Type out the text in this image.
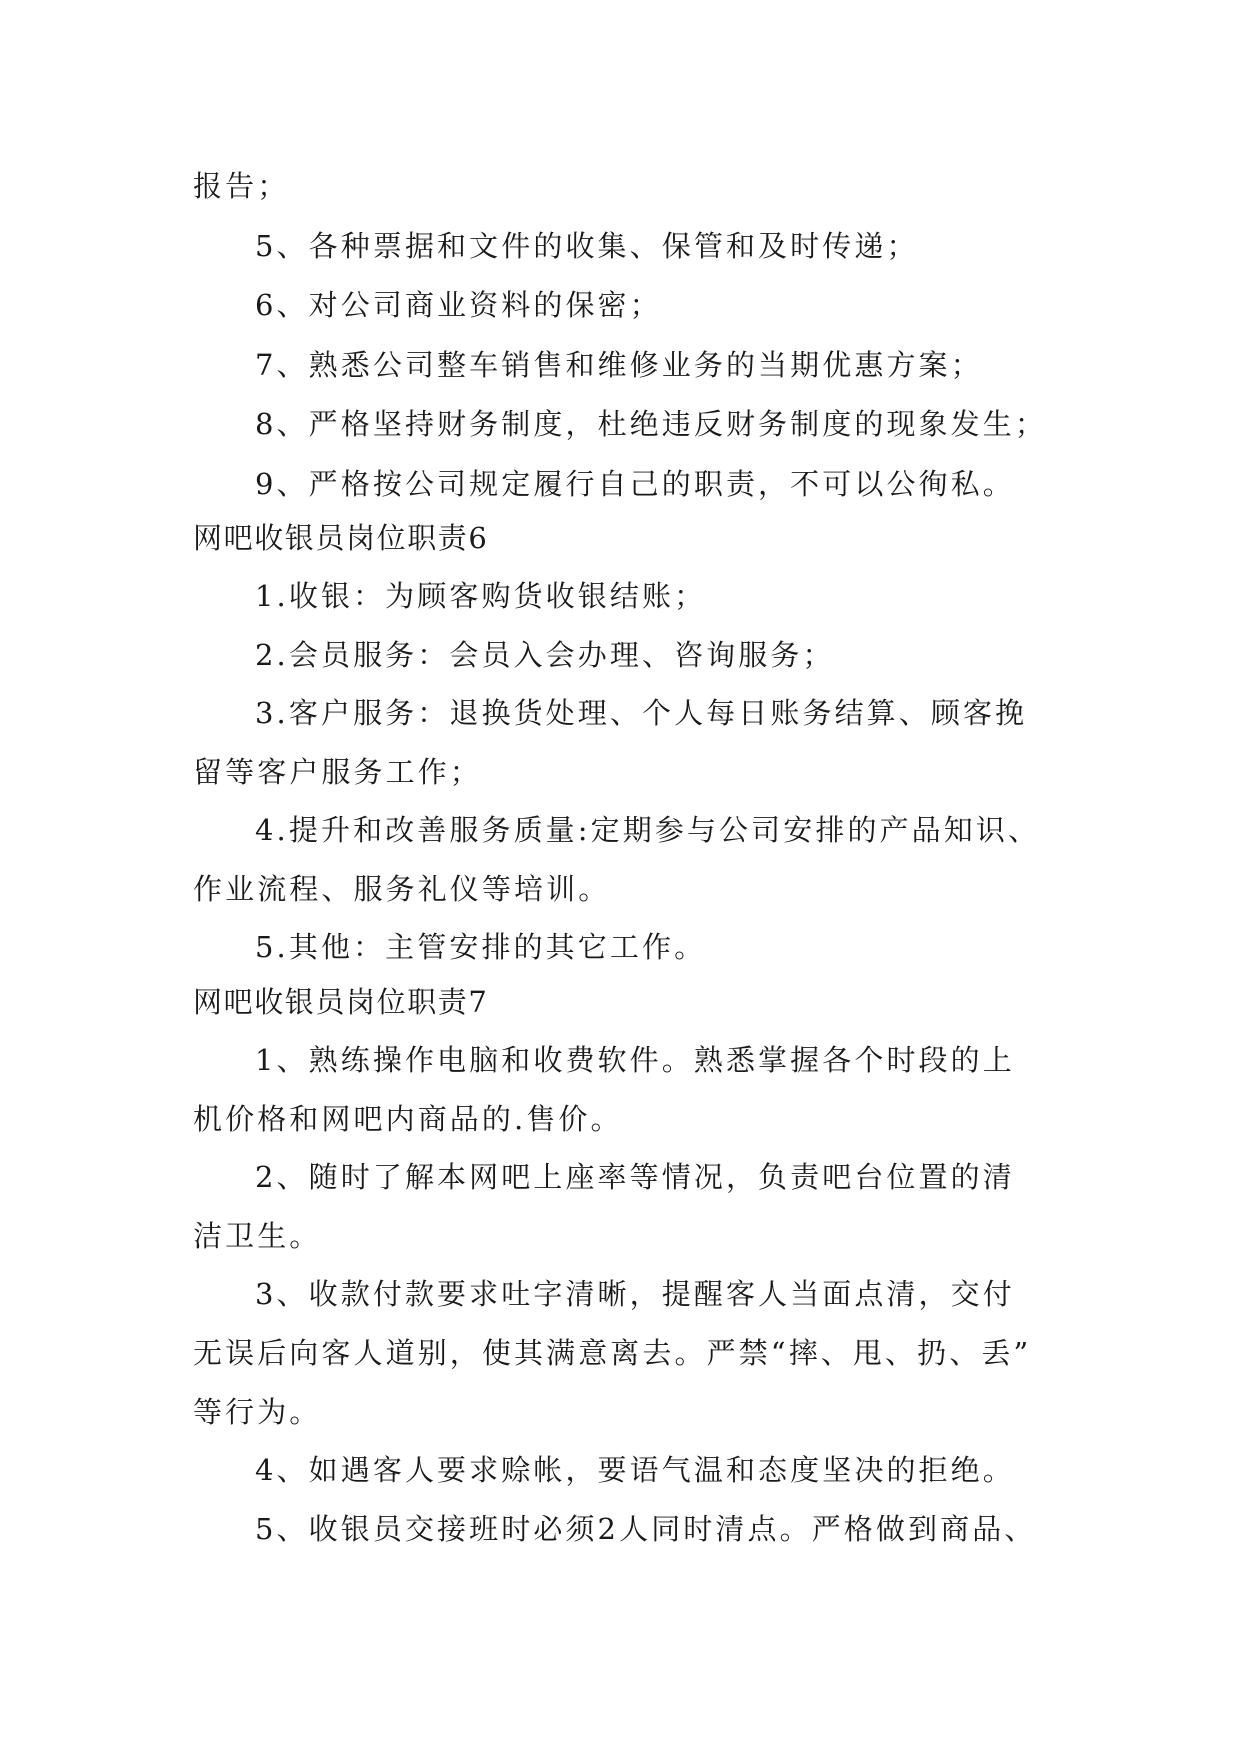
报告；
5、各种票据和文件的收集、保管和及时传递；
6、对公司商业资料的保密；
7、熟悉公司整车销售和维修业务的当期优惠方案；
8、严格坚持财务制度，杜绝违反财务制度的现象发生；
9、严格按公司规定履行自己的职责，不可以公徇私。
网吧收银员岗位职责6
1.收银：为顾客购货收银结账；
2.会员服务：会员入会办理、咨询服务；
3.客户服务：退换货处理、个人每日账务结算、顾客挽
留等客户服务工作；
4.提升和改善服务质量:定期参与公司安排的产品知识、
作业流程、服务礼仪等培训。
5.其他：主管安排的其它工作。
网吧收银员岗位职责7
1、熟练操作电脑和收费软件。熟悉掌握各个时段的上
机价格和网吧内商品的.售价。
2、随时了解本网吧上座率等情况，负责吧台位置的清
洁卫生。
3、收款付款要求吐字清晰，提醒客人当面点清，交付
无误后向客人道别，使其满意离去。严禁“摔、甩、扔、丢”
等行为。
4、如遇客人要求赊帐，要语气温和态度坚决的拒绝。
5、收银员交接班时必须2人同时清点。严格做到商品、
